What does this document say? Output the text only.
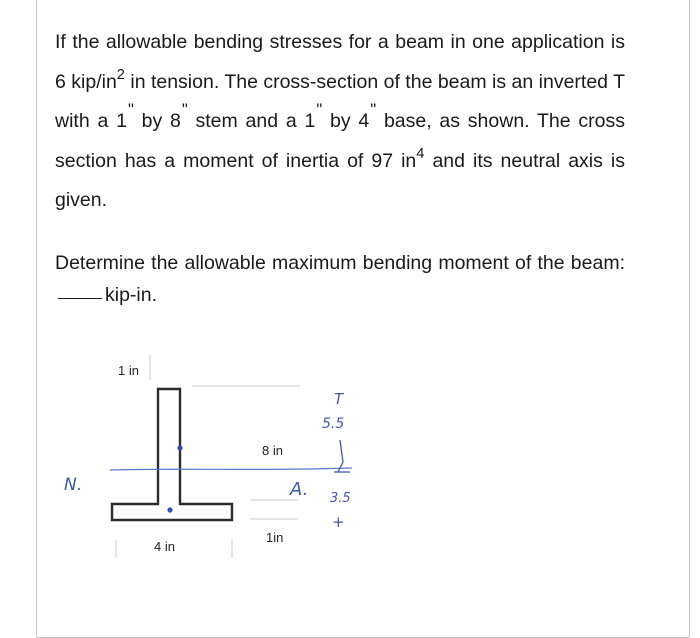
If the allowable bending stresses for a beam in one application is 6 kip/$in^2$ in tension. The cross-section of the beam is an inverted T with a 1" by 8" stem and a 1" by 4" base, as shown. The cross section has a moment of inertia of 97 $in^4$ and its neutral axis is given.

Determine the allowable maximum bending moment of the beam:kip-in.

1 in
8 in
4 in
1in
N.	A.
T
5.5
3.5
+
